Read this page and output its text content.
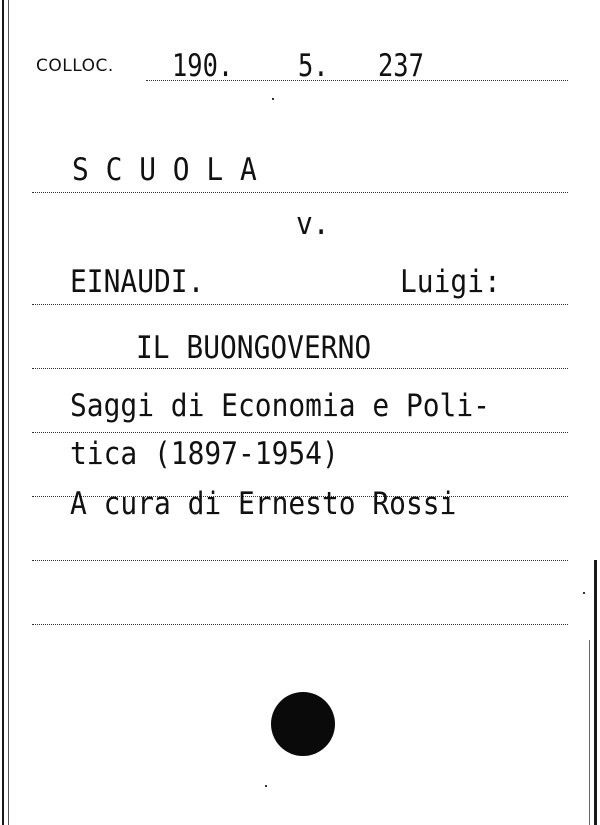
COLLOC. 190. 5. 237
S C U O L A
v.
EINAUDI.	Luigi:
IL BUONGOVERNO
Saggi di Economia e Poli-
tica (1897-1954)
A cura di Ernesto Rossi
